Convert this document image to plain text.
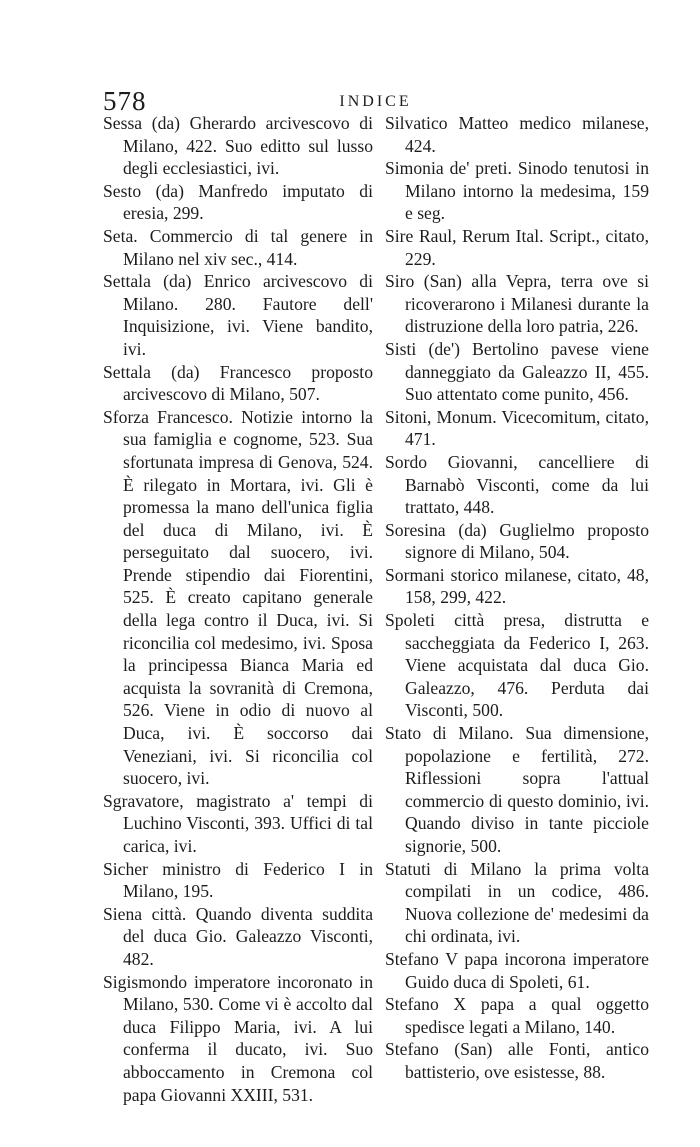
578	INDICE

Sessa (da) Gherardo arcivescovo di Milano, 422. Suo editto sul lusso degli ecclesiastici, ivi.

Sesto (da) Manfredo imputato di eresia, 299.

Seta. Commercio di tal genere in Milano nel xiv sec., 414.

Settala (da) Enrico arcivescovo di Milano. 280. Fautore dell' Inquisizione, ivi. Viene bandito, ivi.

Settala (da) Francesco proposto arcivescovo di Milano, 507.

Sforza Francesco. Notizie intorno la sua famiglia e cognome, 523. Sua sfortunata impresa di Genova, 524. È rilegato in Mortara, ivi. Gli è promessa la mano dell'unica figlia del duca di Milano, ivi. È perseguitato dal suocero, ivi. Prende stipendio dai Fiorentini, 525. È creato capitano generale della lega contro il Duca, ivi. Si riconcilia col medesimo, ivi. Sposa la principessa Bianca Maria ed acquista la sovranità di Cremona, 526. Viene in odio di nuovo al Duca, ivi. È soccorso dai Veneziani, ivi. Si riconcilia col suocero, ivi.

Sgravatore, magistrato a' tempi di Luchino Visconti, 393. Uffici di tal carica, ivi.

Sicher ministro di Federico I in Milano, 195.

Siena città. Quando diventa suddita del duca Gio. Galeazzo Visconti, 482.

Sigismondo imperatore incoronato in Milano, 530. Come vi è accolto dal duca Filippo Maria, ivi. A lui conferma il ducato, ivi. Suo abboccamento in Cremona col papa Giovanni XXIII, 531.

Silvatico Matteo medico milanese, 424.

Simonia de' preti. Sinodo tenutosi in Milano intorno la medesima, 159 e seg.

Sire Raul, Rerum Ital. Script., citato, 229.

Siro (San) alla Vepra, terra ove si ricoverarono i Milanesi durante la distruzione della loro patria, 226.

Sisti (de') Bertolino pavese viene danneggiato da Galeazzo II, 455. Suo attentato come punito, 456.

Sitoni, Monum. Vicecomitum, citato, 471.

Sordo Giovanni, cancelliere di Barnabò Visconti, come da lui trattato, 448.

Soresina (da) Guglielmo proposto signore di Milano, 504.

Sormani storico milanese, citato, 48, 158, 299, 422.

Spoleti città presa, distrutta e saccheggiata da Federico I, 263. Viene acquistata dal duca Gio. Galeazzo, 476. Perduta dai Visconti, 500.

Stato di Milano. Sua dimensione, popolazione e fertilità, 272. Riflessioni sopra l'attual commercio di questo dominio, ivi. Quando diviso in tante picciole signorie, 500.

Statuti di Milano la prima volta compilati in un codice, 486. Nuova collezione de' medesimi da chi ordinata, ivi.

Stefano V papa incorona imperatore Guido duca di Spoleti, 61.

Stefano X papa a qual oggetto spedisce legati a Milano, 140.

Stefano (San) alle Fonti, antico battisterio, ove esistesse, 88.
